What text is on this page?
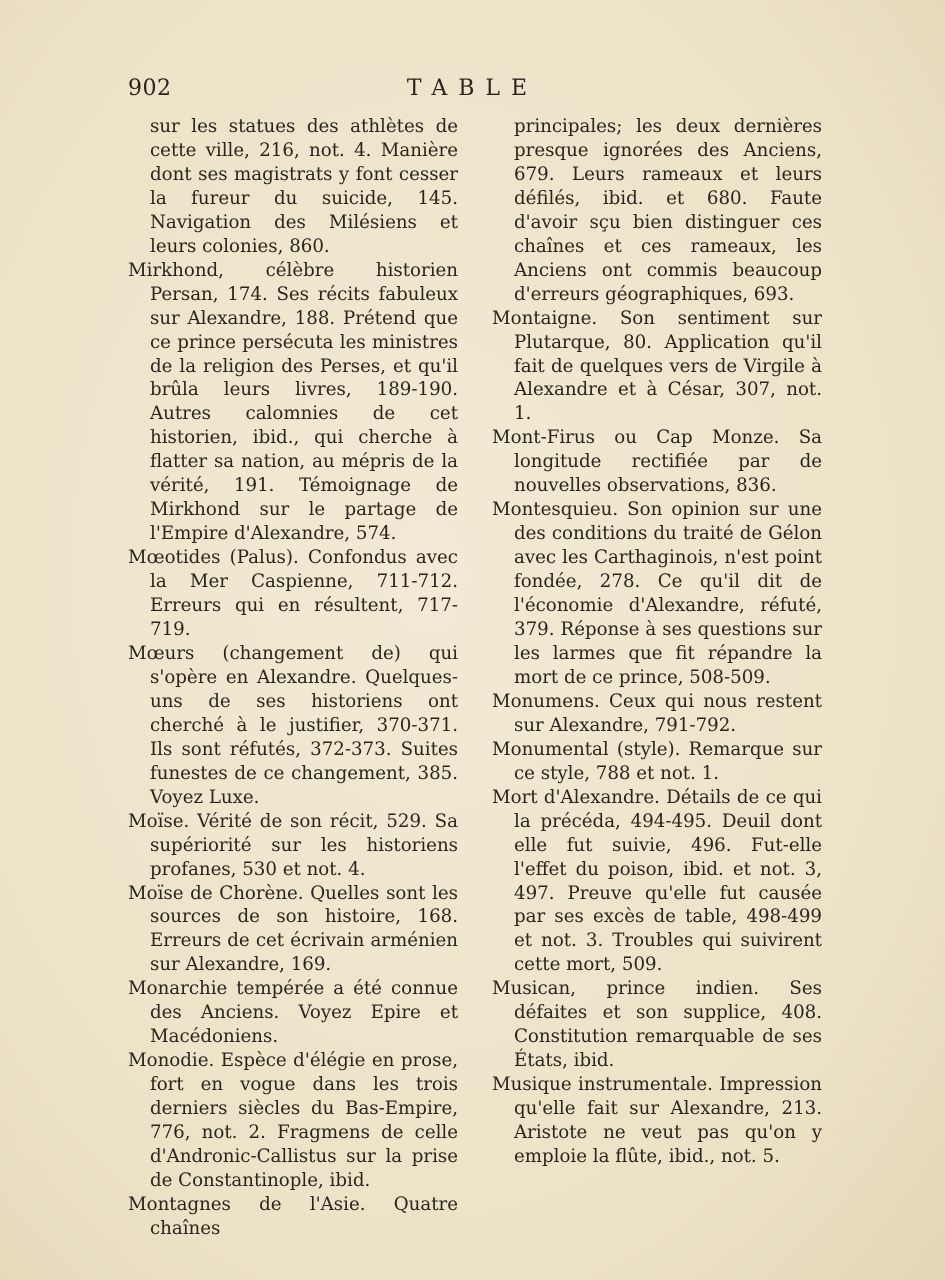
902	TABLE

sur les statues des athlètes de cette ville, 216, not. 4. Manière dont ses magistrats y font cesser la fureur du suicide, 145. Navigation des Milésiens et leurs colonies, 860.

Mirkhond, célèbre historien Persan, 174. Ses récits fabuleux sur Alexandre, 188. Prétend que ce prince persécuta les ministres de la religion des Perses, et qu'il brûla leurs livres, 189-190. Autres calomnies de cet historien, ibid., qui cherche à flatter sa nation, au mépris de la vérité, 191. Témoignage de Mirkhond sur le partage de l'Empire d'Alexandre, 574.

Mœotides (Palus). Confondus avec la Mer Caspienne, 711-712. Erreurs qui en résultent, 717-719.

Mœurs (changement de) qui s'opère en Alexandre. Quelques-uns de ses historiens ont cherché à le justifier, 370-371. Ils sont réfutés, 372-373. Suites funestes de ce changement, 385. Voyez Luxe.

Moïse. Vérité de son récit, 529. Sa supériorité sur les historiens profanes, 530 et not. 4.

Moïse de Chorène. Quelles sont les sources de son histoire, 168. Erreurs de cet écrivain arménien sur Alexandre, 169.

Monarchie tempérée a été connue des Anciens. Voyez Epire et Macédoniens.

Monodie. Espèce d'élégie en prose, fort en vogue dans les trois derniers siècles du Bas-Empire, 776, not. 2. Fragmens de celle d'Andronic-Callistus sur la prise de Constantinople, ibid.

Montagnes de l'Asie. Quatre chaînes

principales; les deux dernières presque ignorées des Anciens, 679. Leurs rameaux et leurs défilés, ibid. et 680. Faute d'avoir sçu bien distinguer ces chaînes et ces rameaux, les Anciens ont commis beaucoup d'erreurs géographiques, 693.

Montaigne. Son sentiment sur Plutarque, 80. Application qu'il fait de quelques vers de Virgile à Alexandre et à César, 307, not. 1.

Mont-Firus ou Cap Monze. Sa longitude rectifiée par de nouvelles observations, 836.

Montesquieu. Son opinion sur une des conditions du traité de Gélon avec les Carthaginois, n'est point fondée, 278. Ce qu'il dit de l'économie d'Alexandre, réfuté, 379. Réponse à ses questions sur les larmes que fit répandre la mort de ce prince, 508-509.

Monumens. Ceux qui nous restent sur Alexandre, 791-792.

Monumental (style). Remarque sur ce style, 788 et not. 1.

Mort d'Alexandre. Détails de ce qui la précéda, 494-495. Deuil dont elle fut suivie, 496. Fut-elle l'effet du poison, ibid. et not. 3, 497. Preuve qu'elle fut causée par ses excès de table, 498-499 et not. 3. Troubles qui suivirent cette mort, 509.

Musican, prince indien. Ses défaites et son supplice, 408. Constitution remarquable de ses États, ibid.

Musique instrumentale. Impression qu'elle fait sur Alexandre, 213. Aristote ne veut pas qu'on y emploie la flûte, ibid., not. 5.
